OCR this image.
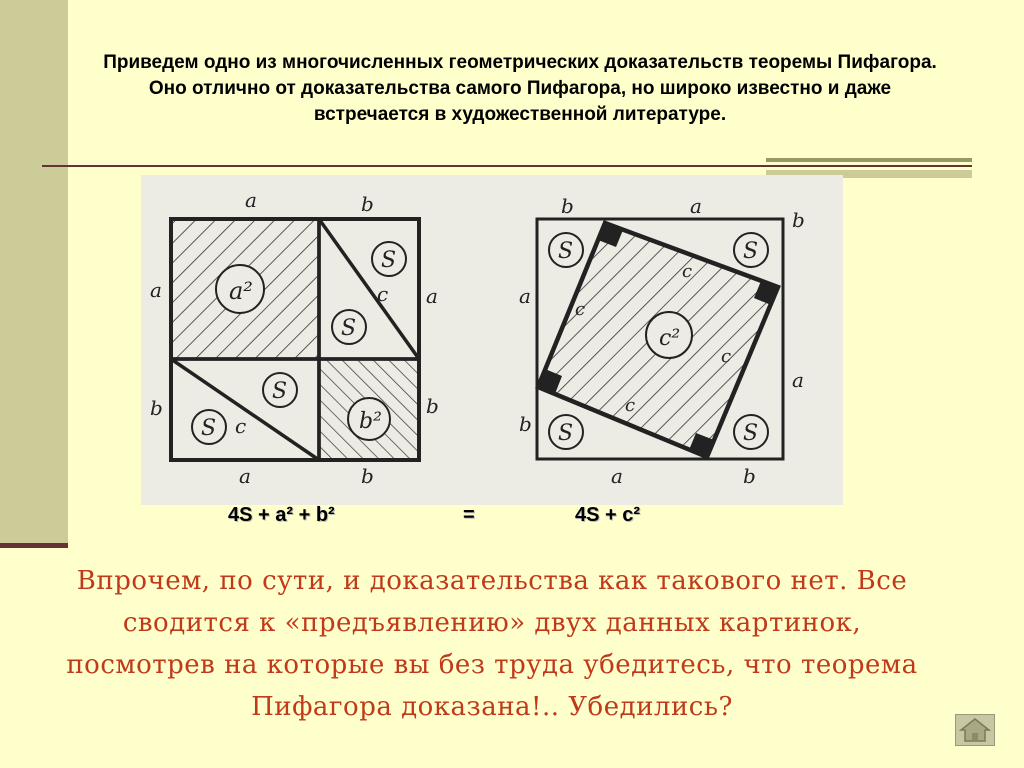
Приведем одно из многочисленных геометрических доказательств теоремы Пифагора. Оно отлично от доказательства самого Пифагора, но широко известно и даже встречается в художественной литературе.
a²
S
S
S
S	b²
c
c
a	b
a
b
a
b
a	b
c²
S	S
S	S
c
c
c
c
b	a
a
b
b
a
a	b
4S + a² + b²	=	4S + c²
Впрочем, по сути, и доказательства как такового нет. Все сводится к «предъявлению» двух данных картинок, посмотрев на которые вы без труда убедитесь, что теорема Пифагора доказана!.. Убедились?
